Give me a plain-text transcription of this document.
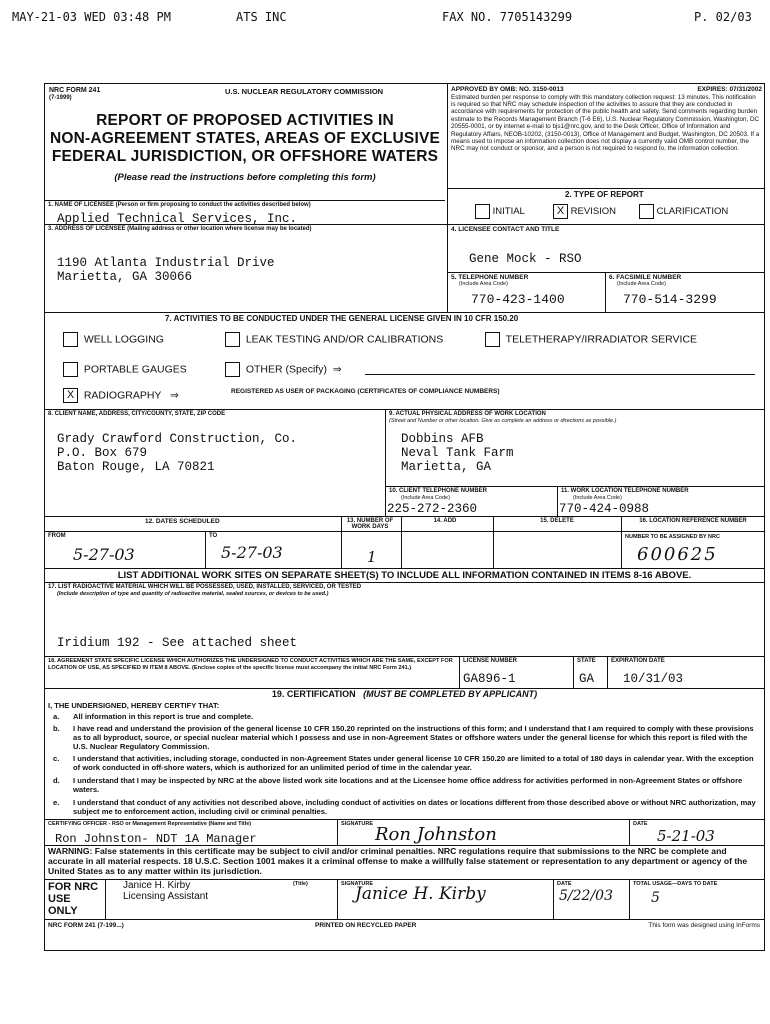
MAY-21-03 WED 03:48 PM	ATS INC	FAX NO. 7705143299	P. 02/03
NRC FORM 241
(7-1999)
U.S. NUCLEAR REGULATORY COMMISSION
REPORT OF PROPOSED ACTIVITIES IN
NON-AGREEMENT STATES, AREAS OF EXCLUSIVE
FEDERAL JURISDICTION, OR OFFSHORE WATERS
(Please read the instructions before completing this form)
APPROVED BY OMB: NO. 3150-0013	EXPIRES: 07/31/2002
Estimated burden per response to comply with this mandatory collection request: 13 minutes. This notification is required so that NRC may schedule inspection of the activities to assure that they are conducted in accordance with requirements for protection of the public health and safety. Send comments regarding burden estimate to the Records Management Branch (T-6 E6), U.S. Nuclear Regulatory Commission, Washington, DC 20555-0001, or by internet e-mail to bjs1@nrc.gov, and to the Desk Officer, Office of Information and Regulatory Affairs, NEOB-10202, (3150-0013), Office of Management and Budget, Washington, DC 20503. If a means used to impose an information collection does not display a currently valid OMB control number, the NRC may not conduct or sponsor, and a person is not required to respond to, the information collection.
2. TYPE OF REPORT
INITIAL	X REVISION	CLARIFICATION
1. NAME OF LICENSEE (Person or firm proposing to conduct the activities described below)
Applied Technical Services, Inc.
3. ADDRESS OF LICENSEE (Mailing address or other location where license may be located)
1190 Atlanta Industrial Drive
Marietta, GA 30066
4. LICENSEE CONTACT AND TITLE
Gene Mock - RSO
5. TELEPHONE NUMBER
(Include Area Code)
770-423-1400
6. FACSIMILE NUMBER
(Include Area Code)
770-514-3299
7. ACTIVITIES TO BE CONDUCTED UNDER THE GENERAL LICENSE GIVEN IN 10 CFR 150.20
WELL LOGGING	LEAK TESTING AND/OR CALIBRATIONS	TELETHERAPY/IRRADIATOR SERVICE
PORTABLE GAUGES	OTHER (Specify) ⇒
X RADIOGRAPHY ⇒	REGISTERED AS USER OF PACKAGING (CERTIFICATES OF COMPLIANCE NUMBERS)
8. CLIENT NAME, ADDRESS, CITY/COUNTY, STATE, ZIP CODE
Grady Crawford Construction, Co.
P.O. Box 679
Baton Rouge, LA 70821
9. ACTUAL PHYSICAL ADDRESS OF WORK LOCATION
(Street and Number or other location. Give as complete an address or directions as possible.)
Dobbins AFB
Neval Tank Farm
Marietta, GA
10. CLIENT TELEPHONE NUMBER
(Include Area Code)
225-272-2360
11. WORK LOCATION TELEPHONE NUMBER
(Include Area Code)
770-424-0988
12. DATES SCHEDULED	13. NUMBER OF WORK DAYS
14. ADD	15. DELETE	16. LOCATION REFERENCE NUMBER
FROM	TO
5-27-03	5-27-03	1
NUMBER TO BE ASSIGNED BY NRC
600625
LIST ADDITIONAL WORK SITES ON SEPARATE SHEET(S) TO INCLUDE ALL INFORMATION CONTAINED IN ITEMS 8-16 ABOVE.
17. LIST RADIOACTIVE MATERIAL WHICH WILL BE POSSESSED, USED, INSTALLED, SERVICED, OR TESTED
(Include description of type and quantity of radioactive material, sealed sources, or devices to be used.)
Iridium 192 - See attached sheet
18. AGREEMENT STATE SPECIFIC LICENSE WHICH AUTHORIZES THE UNDERSIGNED TO CONDUCT ACTIVITIES WHICH ARE THE SAME, EXCEPT FOR LOCATION OF USE, AS SPECIFIED IN ITEM 8 ABOVE. (Enclose copies of the specific license must accompany the initial NRC Form 241.)
LICENSE NUMBER
GA896-1
STATE
GA
EXPIRATION DATE
10/31/03
19. CERTIFICATION (MUST BE COMPLETED BY APPLICANT)
I, THE UNDERSIGNED, HEREBY CERTIFY THAT:
a. All information in this report is true and complete.
b. I have read and understand the provision of the general license 10 CFR 150.20 reprinted on the instructions of this form; and I understand that I am required to comply with these provisions as to all byproduct, source, or special nuclear material which I possess and use in non-Agreement States or offshore waters under the general license for which this report is filed with the U.S. Nuclear Regulatory Commission.
c. I understand that activities, including storage, conducted in non-Agreement States under general license 10 CFR 150.20 are limited to a total of 180 days in calendar year. With the exception of work conducted in off-shore waters, which is authorized for an unlimited period of time in the calendar year.
d. I understand that I may be inspected by NRC at the above listed work site locations and at the Licensee home office address for activities performed in non-Agreement States or offshore waters.
e. I understand that conduct of any activities not described above, including conduct of activities on dates or locations different from those described above or without NRC authorization, may subject me to enforcement action, including civil or criminal penalties.
CERTIFYING OFFICER - RSO or Management Representative (Name and Title)
Ron Johnston- NDT 1A Manager
SIGNATURE Ron Johnston	DATE
5-21-03
WARNING: False statements in this certificate may be subject to civil and/or criminal penalties. NRC regulations require that submissions to the NRC be complete and accurate in all material respects. 18 U.S.C. Section 1001 makes it a criminal offense to make a willfully false statement or representation to any department or agency of the United States as to any matter within its jurisdiction.
FOR NRC USE ONLY
Janice H. Kirby
Licensing Assistant
(Title)	SIGNATURE
Janice H. Kirby	DATE
5/22/03
TOTAL USAGE—DAYS TO DATE
5
NRC FORM 241 (7-199...)	PRINTED ON RECYCLED PAPER	This form was designed using InForms
